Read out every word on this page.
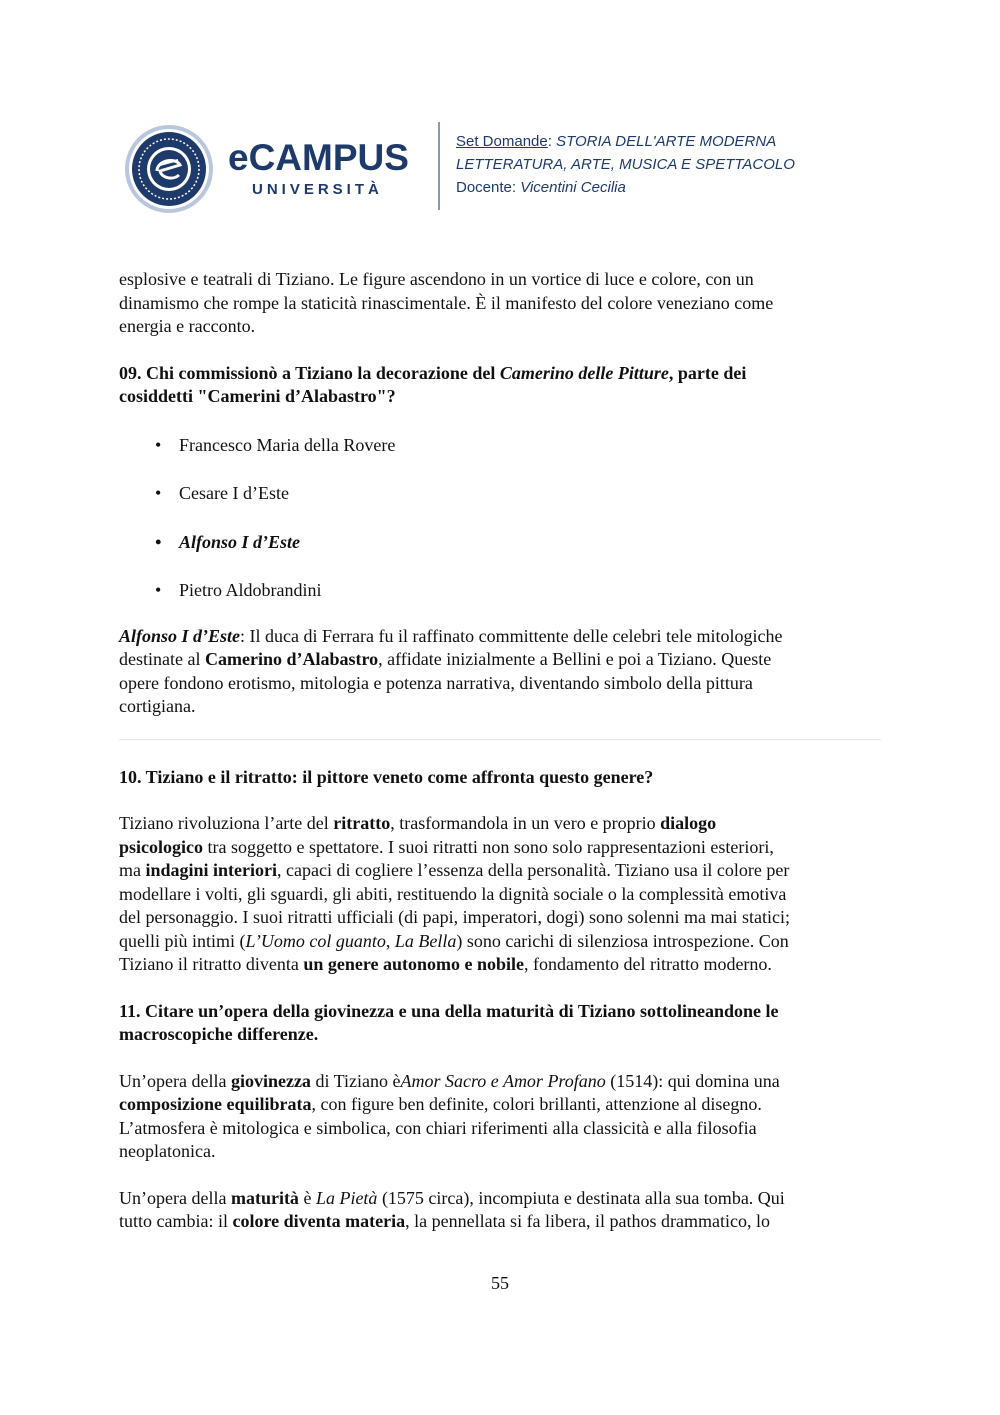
eCAMPUS
UNIVERSITÀ
Set Domande: STORIA DELL'ARTE MODERNA
LETTERATURA, ARTE, MUSICA E SPETTACOLO
Docente: Vicentini Cecilia

esplosive e teatrali di Tiziano. Le figure ascendono in un vortice di luce e colore, con un
dinamismo che rompe la staticità rinascimentale. È il manifesto del colore veneziano come
energia e racconto.

09. Chi commissionò a Tiziano la decorazione del Camerino delle Pitture, parte dei
cosiddetti "Camerini d’Alabastro"?

• Francesco Maria della Rovere
• Cesare I d’Este
• Alfonso I d’Este
• Pietro Aldobrandini

Alfonso I d’Este: Il duca di Ferrara fu il raffinato committente delle celebri tele mitologiche
destinate al Camerino d’Alabastro, affidate inizialmente a Bellini e poi a Tiziano. Queste
opere fondono erotismo, mitologia e potenza narrativa, diventando simbolo della pittura
cortigiana.

10. Tiziano e il ritratto: il pittore veneto come affronta questo genere?

Tiziano rivoluziona l’arte del ritratto, trasformandola in un vero e proprio dialogo
psicologico tra soggetto e spettatore. I suoi ritratti non sono solo rappresentazioni esteriori,
ma indagini interiori, capaci di cogliere l’essenza della personalità. Tiziano usa il colore per
modellare i volti, gli sguardi, gli abiti, restituendo la dignità sociale o la complessità emotiva
del personaggio. I suoi ritratti ufficiali (di papi, imperatori, dogi) sono solenni ma mai statici;
quelli più intimi (L’Uomo col guanto, La Bella) sono carichi di silenziosa introspezione. Con
Tiziano il ritratto diventa un genere autonomo e nobile, fondamento del ritratto moderno.

11. Citare un’opera della giovinezza e una della maturità di Tiziano sottolineandone le
macroscopiche differenze.

Un’opera della giovinezza di Tiziano èAmor Sacro e Amor Profano (1514): qui domina una
composizione equilibrata, con figure ben definite, colori brillanti, attenzione al disegno.
L’atmosfera è mitologica e simbolica, con chiari riferimenti alla classicità e alla filosofia
neoplatonica.

Un’opera della maturità è La Pietà (1575 circa), incompiuta e destinata alla sua tomba. Qui
tutto cambia: il colore diventa materia, la pennellata si fa libera, il pathos drammatico, lo

55
